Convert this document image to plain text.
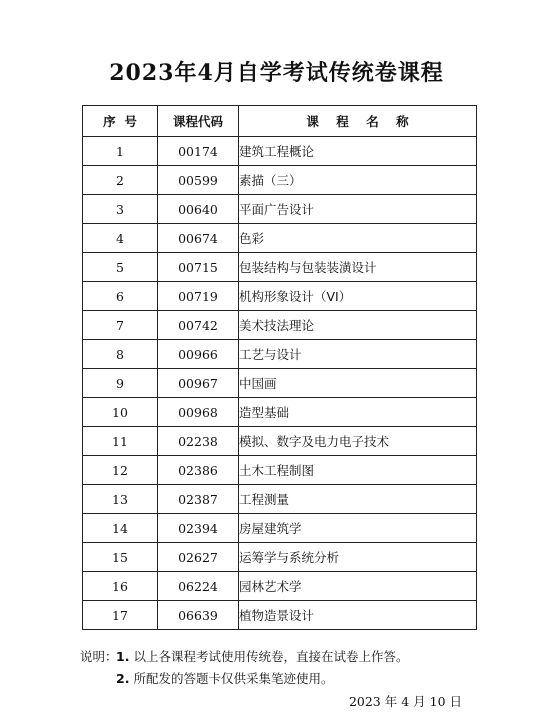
2023年4月自学考试传统卷课程
序  号	课程代码	课    程    名    称
1	00174	建筑工程概论
2	00599	素描（三）
3	00640	平面广告设计
4	00674	色彩
5	00715	包装结构与包装装潢设计
6	00719	机构形象设计（VI）
7	00742	美术技法理论
8	00966	工艺与设计
9	00967	中国画
10	00968	造型基础
11	02238	模拟、数字及电力电子技术
12	02386	土木工程制图
13	02387	工程测量
14	02394	房屋建筑学
15	02627	运筹学与系统分析
16	06224	园林艺术学
17	06639	植物造景设计
说明：
1. 以上各课程考试使用传统卷，直接在试卷上作答。
2. 所配发的答题卡仅供采集笔迹使用。
2023 年 4 月 10 日
